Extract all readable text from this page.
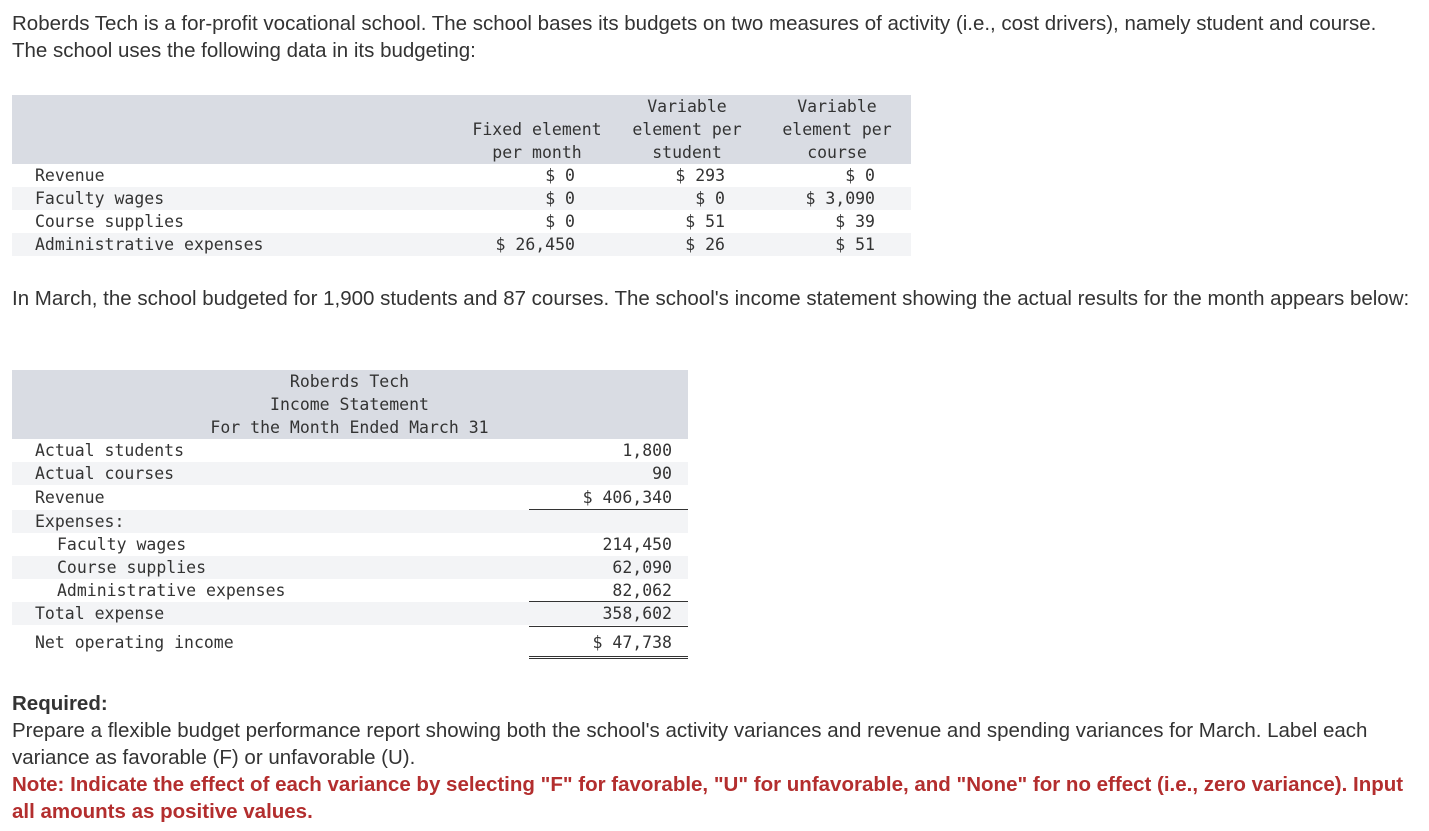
Roberds Tech is a for-profit vocational school. The school bases its budgets on two measures of activity (i.e., cost drivers), namely student and course. The school uses the following data in its budgeting:

Fixed element
per month
Variable
element per
student
Variable
element per
course
Revenue	$ 0	$ 293	$ 0
Faculty wages	$ 0	$ 0	$ 3,090
Course supplies	$ 0	$ 51	$ 39
Administrative expenses	$ 26,450	$ 26	$ 51

In March, the school budgeted for 1,900 students and 87 courses. The school's income statement showing the actual results for the month appears below:

Roberds Tech
Income Statement
For the Month Ended March 31
Actual students	1,800
Actual courses	90
Revenue	$ 406,340
Expenses:
Faculty wages	214,450
Course supplies	62,090
Administrative expenses	82,062
Total expense	358,602
Net operating income	$ 47,738
Required:
Prepare a flexible budget performance report showing both the school's activity variances and revenue and spending variances for March. Label each variance as favorable (F) or unfavorable (U).
Note: Indicate the effect of each variance by selecting "F" for favorable, "U" for unfavorable, and "None" for no effect (i.e., zero variance). Input all amounts as positive values.
